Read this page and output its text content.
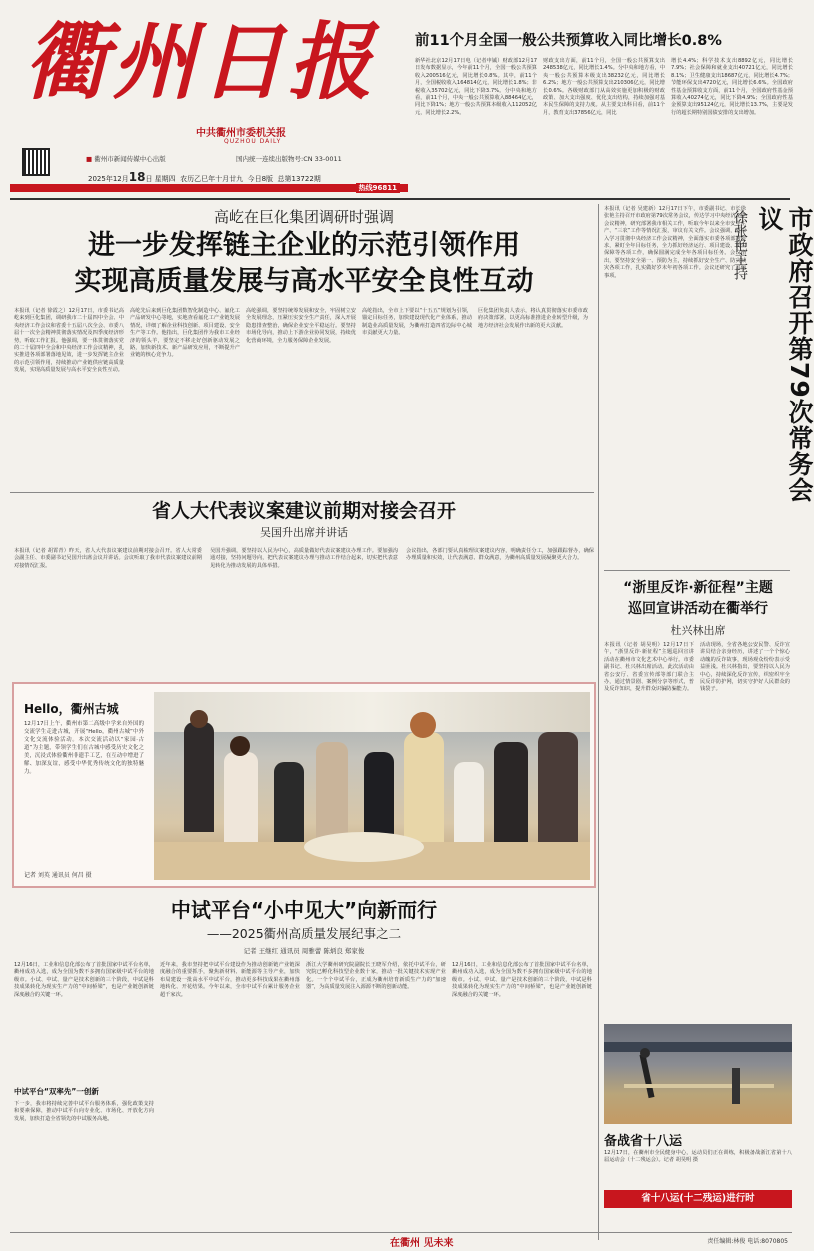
衢州日报
中共衢州市委机关报
QUZHOU DAILY
■ 衢州市新闻传媒中心出版	国内统一连续出版物号:CN 33-0011
2025年12月18日 星期四 农历乙巳年十月廿九 今日8版 总第13722期
热线96811
前11个月全国一般公共预算收入同比增长0.8%
新华社北京12月17日电（记者申铖）财政部12月17日发布数据显示，今年前11个月，全国一般公共预算收入200516亿元，同比增长0.8%。其中，前11个月，全国税收收入164814亿元，同比增长1.8%；非税收入35702亿元，同比下降3.7%。分中央和地方看，前11个月，中央一般公共预算收入88464亿元，同比下降1%；地方一般公共预算本级收入112052亿元，同比增长2.2%。
财政支出方面，前11个月，全国一般公共预算支出248538亿元，同比增长1.4%。分中央和地方看，中央一般公共预算本级支出38232亿元，同比增长6.2%；地方一般公共预算支出210306亿元，同比增长0.6%。各级财政部门从高效实施更加积极的财政政策、加大支出强度、优化支出结构，持续加强对基本民生保障的支持力度。从主要支出科目看，前11个月，教育支出37856亿元，同比
增长4.4%；科学技术支出8892亿元，同比增长7.9%；社会保障和就业支出40721亿元，同比增长8.1%；卫生健康支出18687亿元，同比增长4.7%；节能环保支出4720亿元，同比增长6.6%。全国政府性基金预算收支方面，前11个月，全国政府性基金预算收入40274亿元，同比下降4.9%；全国政府性基金预算支出95124亿元，同比增长13.7%，主要是发行的超长期特别国债安排的支出增加。
高屹在巨化集团调研时强调
进一步发挥链主企业的示范引领作用
实现高质量发展与高水平安全良性互动
本报讯（记者 徐霞之）12月17日，市委书记高屹来到巨化集团，调研我市二十届四中全会、中央经济工作会议和省委十五届八次全会、市委八届十一次全会精神贯彻落实情况及四季度经济形势，听取工作汇报。他强调，要一体贯彻落实党的二十届四中全会和中央经济工作会议精神，扎实推进各项部署落地见效，进一步发挥链主企业的示范引领作用，持续推动产业链供应链高质量发展，实现高质量发展与高水平安全良性互动。
高屹先后来到巨化集团数智化制造中心、氟化工产品研发中心等地，实地查看氟化工产业链发展情况，详细了解企业科技创新、项目建设、安全生产等工作。他指出，巨化集团作为我市工业经济的领头羊，要坚定不移走好创新驱动发展之路，加快新技术、新产品研发应用，不断提升产业链的核心竞争力。
高屹强调，要坚持统筹发展和安全，牢固树立安全发展理念，压紧压实安全生产责任，深入开展隐患排查整治，确保企业安全平稳运行。要坚持市场化导向，推动上下游企业协同发展，持续优化营商环境，全力服务保障企业发展。
高屹指出，全市上下要以“十五五”规划为引领，锚定目标任务，加快建设现代化产业体系，推动制造业高质量发展，为衢州打造四省边际中心城市贡献更大力量。
巨化集团负责人表示，将认真贯彻落实市委市政府决策部署，以更高标准推进企业转型升级，为地方经济社会发展作出新的更大贡献。
本报讯（记者 吴建新）12月17日下午，市委副书记、市长徐张艳主持召开市政府第79次常务会议，传达学习中央经济工作会议精神，研究部署我市相关工作，听取今年以来全市安全生产、“三农”工作等情况汇报，审议有关文件。会议强调，要深入学习贯彻中央经济工作会议精神，全面落实市委各项部署要求，紧盯全年目标任务，全力抓好经济运行、项目建设、民生保障等各项工作，确保圆满完成全年各项目标任务。会议指出，要坚持安全第一、预防为主，持续抓好安全生产、防灾减灾各项工作，扎实做好岁末年初各项工作。会议还研究了其他事项。	市政府召开第79次常务会议
徐张艳主持
“浙里反诈·新征程”主题
巡回宣讲活动在衢举行
杜兴林出席
本报讯（记者 胡昊明）12月17日下午，“浙里反诈·新征程”主题巡回宣讲活动在衢州市文化艺术中心举行。市委副书记、杜兴林出席活动。此次活动由省公安厅、省委宣传部等部门联合主办，通过情景剧、案例分享等形式，普及反诈知识，提升群众识骗防骗能力。
活动现场，全省各地公安民警、反诈宣讲员结合亲身经历，讲述了一个个惊心动魄的反诈故事，现场观众纷纷表示受益匪浅。杜兴林指出，要坚持以人民为中心，持续深化反诈宣传，织密织牢全民反诈防护网，切实守护好人民群众的钱袋子。
备战省十八运
12月17日，在衢州市全民健身中心，运动员们正在训练，积极备战浙江省第十八届运动会（十二残运会）。记者 胡昊明 摄
省十八运(十二残运)进行时
省人大代表议案建议前期对接会召开
吴国升出席并讲话
本报讯（记者 胡霄青）昨天，省人大代表议案建议前期对接会召开。省人大常委会副主任、市委副书记吴国升出席会议并讲话。会议听取了我市代表议案建议前期对接情况汇报。
吴国升强调，要坚持以人民为中心，高质量做好代表议案建议办理工作。要加强沟通对接，坚持问题导向，把代表议案建议办理与推动工作结合起来，切实把代表意见转化为推动发展的具体举措。
会议指出，各部门要认真梳理议案建议内容，明确责任分工，加强跟踪督办，确保办理质量和实效，让代表满意、群众满意，为衢州高质量发展凝聚更大合力。
Hello，衢州古城
12月17日上午，衢州市第二高级中学来自外国的交流学生走进古城，开展“Hello，衢州古城”中外文化交流体验活动。本次交流活动以“家园·古道”为主题，带领学生们在古城中感受历史文化之美，沉浸式体验衢州非遗手工艺，在互动中增进了解、加深友谊，感受中华优秀传统文化的独特魅力。
记者 刘英 通讯员 何昌 摄
中试平台“小中见大”向新而行
——2025衢州高质量发展纪事之二
记者 王继红 通讯员 周雅蕾 陈炳良 郑家俊
12月16日，工业和信息化部公布了首批国家中试平台名单，衢州成功入选，成为全国为数不多拥有国家级中试平台的地级市。小试、中试、量产是技术创新的三个阶段，中试是科技成果转化为现实生产力的“中间桥梁”，也是产业链创新链深度融合的关键一环。
中试平台“双率先”一创新
下一步，我市将持续完善中试平台服务体系，强化政策支持和要素保障，推动中试平台向专业化、市场化、开放化方向发展，加快打造全省领先的中试服务高地。
近年来，我市坚持把中试平台建设作为推动创新链产业链深度融合的重要抓手，聚焦新材料、新能源等主导产业，加快布局建设一批高水平中试平台，推动更多科技成果在衢州落地转化、开花结果。今年以来，全市中试平台累计服务企业超千家次。
浙江大学衢州研究院副院长王晓军介绍，依托中试平台，研究院已孵化科技型企业数十家，推动一批关键技术实现产业化。一个个中试平台，正成为衢州培育新质生产力的“加速器”，为高质量发展注入源源不断的创新动能。
12月16日，工业和信息化部公布了首批国家中试平台名单，衢州成功入选，成为全国为数不多拥有国家级中试平台的地级市。小试、中试、量产是技术创新的三个阶段，中试是科技成果转化为现实生产力的“中间桥梁”，也是产业链创新链深度融合的关键一环。
在衢州 见未来	责任编辑:林俊 电话:8070805
